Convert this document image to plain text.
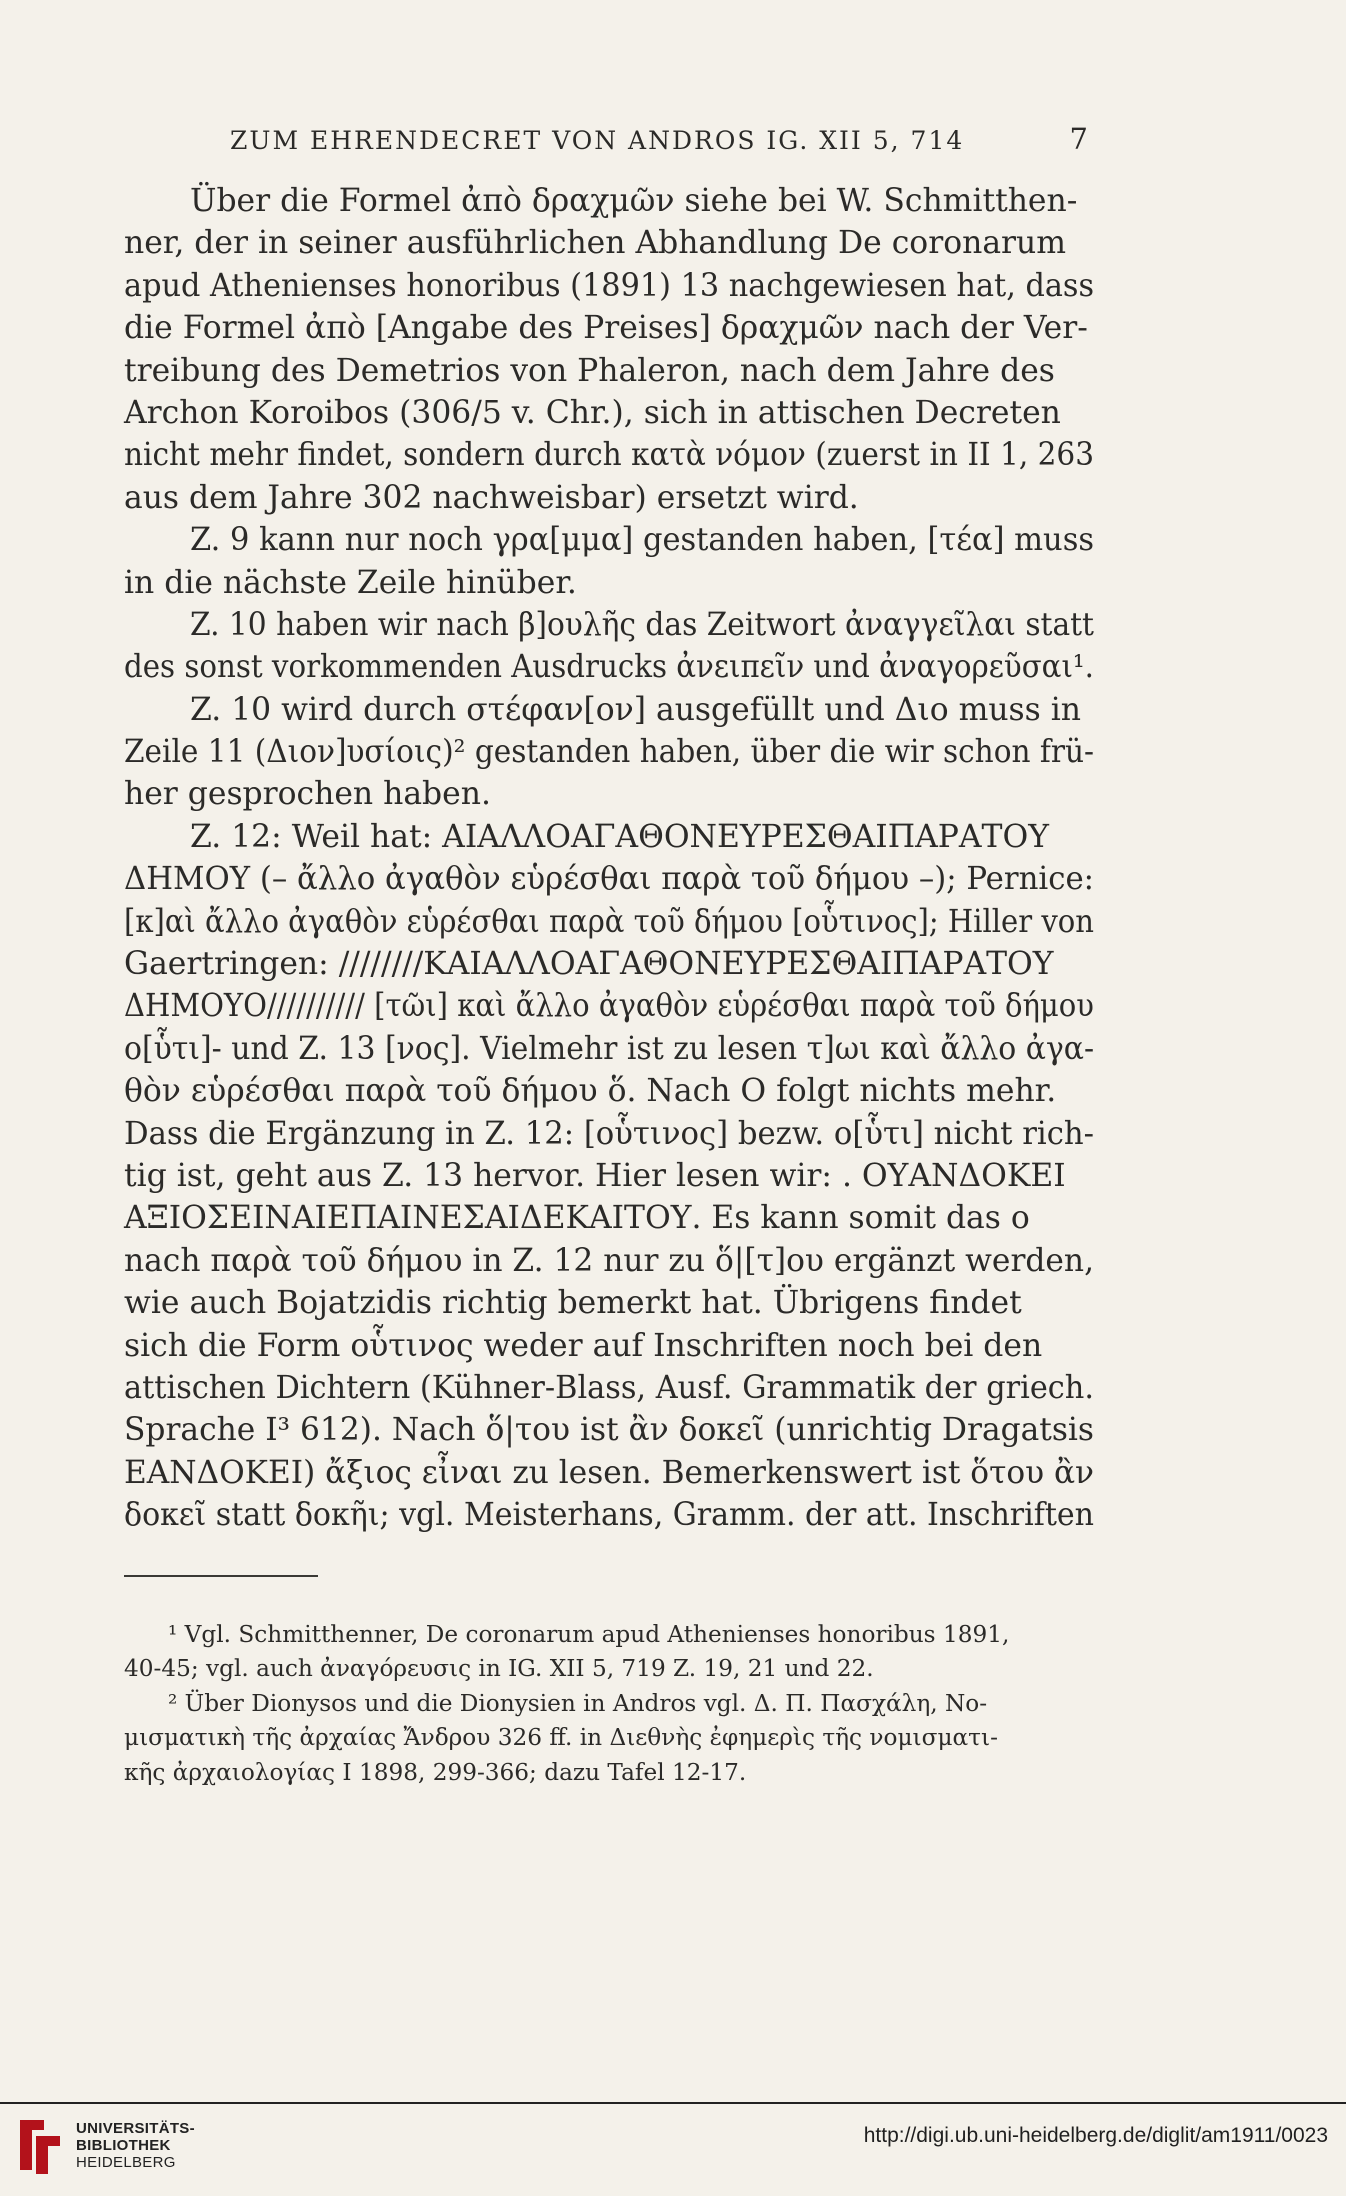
ZUM EHRENDECRET VON ANDROS IG. XII 5, 714	7
Über die Formel ἀπὸ δραχμῶν siehe bei W. Schmitthen-
ner, der in seiner ausführlichen Abhandlung De coronarum
apud Athenienses honoribus (1891) 13 nachgewiesen hat, dass
die Formel ἀπὸ [Angabe des Preises] δραχμῶν nach der Ver-
treibung des Demetrios von Phaleron, nach dem Jahre des
Archon Koroibos (306/5 v. Chr.), sich in attischen Decreten
nicht mehr findet, sondern durch κατὰ νόμον (zuerst in II 1, 263
aus dem Jahre 302 nachweisbar) ersetzt wird.
Z. 9 kann nur noch γρα[μμα] gestanden haben, [τέα] muss
in die nächste Zeile hinüber.
Z. 10 haben wir nach β]ουλῆς das Zeitwort ἀναγγεῖλαι statt
des sonst vorkommenden Ausdrucks ἀνειπεῖν und ἀναγορεῦσαι¹.
Z. 10 wird durch στέφαν[ον] ausgefüllt und Διο muss in
Zeile 11 (Διον]υσίοις)² gestanden haben, über die wir schon frü-
her gesprochen haben.
Z. 12: Weil hat: ΑΙΑΛΛΟΑΓΑΘΟΝΕΥΡΕΣΘΑΙΠΑΡΑΤΟΥ
ΔΗΜΟΥ (– ἄλλο ἀγαθὸν εὑρέσθαι παρὰ τοῦ δήμου –); Pernice:
[κ]αὶ ἄλλο ἀγαθὸν εὑρέσθαι παρὰ τοῦ δήμου [οὗτινος]; Hiller von
Gaertringen: ////////ΚΑΙΑΛΛΟΑΓΑΘΟΝΕΥΡΕΣΘΑΙΠΑΡΑΤΟΥ
ΔΗΜΟΥΟ////////// [τῶι] καὶ ἄλλο ἀγαθὸν εὑρέσθαι παρὰ τοῦ δήμου
ο[ὗτι]- und Z. 13 [νος]. Vielmehr ist zu lesen τ]ωι καὶ ἄλλο ἀγα-
θὸν εὑρέσθαι παρὰ τοῦ δήμου ὅ. Nach Ο folgt nichts mehr.
Dass die Ergänzung in Z. 12: [οὗτινος] bezw. ο[ὗτι] nicht rich-
tig ist, geht aus Z. 13 hervor. Hier lesen wir: . ΟΥΑΝΔΟΚΕΙ
ΑΞΙΟΣΕΙΝΑΙΕΠΑΙΝΕΣΑΙΔΕΚΑΙΤΟΥ. Es kann somit das ο
nach παρὰ τοῦ δήμου in Z. 12 nur zu ὅ|[τ]ου ergänzt werden,
wie auch Bojatzidis richtig bemerkt hat. Übrigens findet
sich die Form οὗτινος weder auf Inschriften noch bei den
attischen Dichtern (Kühner-Blass, Ausf. Grammatik der griech.
Sprache I³ 612). Nach ὅ|του ist ἂν δοκεῖ (unrichtig Dragatsis
ΕΑΝΔΟΚΕΙ) ἄξιος εἶναι zu lesen. Bemerkenswert ist ὅτου ἂν
δοκεῖ statt δοκῆι; vgl. Meisterhans, Gramm. der att. Inschriften
¹ Vgl. Schmitthenner, De coronarum apud Athenienses honoribus 1891,
40-45; vgl. auch ἀναγόρευσις in IG. XII 5, 719 Z. 19, 21 und 22.
² Über Dionysos und die Dionysien in Andros vgl. Δ. Π. Πασχάλη, Νο-
μισματικὴ τῆς ἀρχαίας Ἄνδρου 326 ff. in Διεθνὴς ἐφημερὶς τῆς νομισματι-
κῆς ἀρχαιολογίας I 1898, 299-366; dazu Tafel 12-17.
UNIVERSITÄTS-
BIBLIOTHEK
HEIDELBERG
http://digi.ub.uni-heidelberg.de/diglit/am1911/0023
